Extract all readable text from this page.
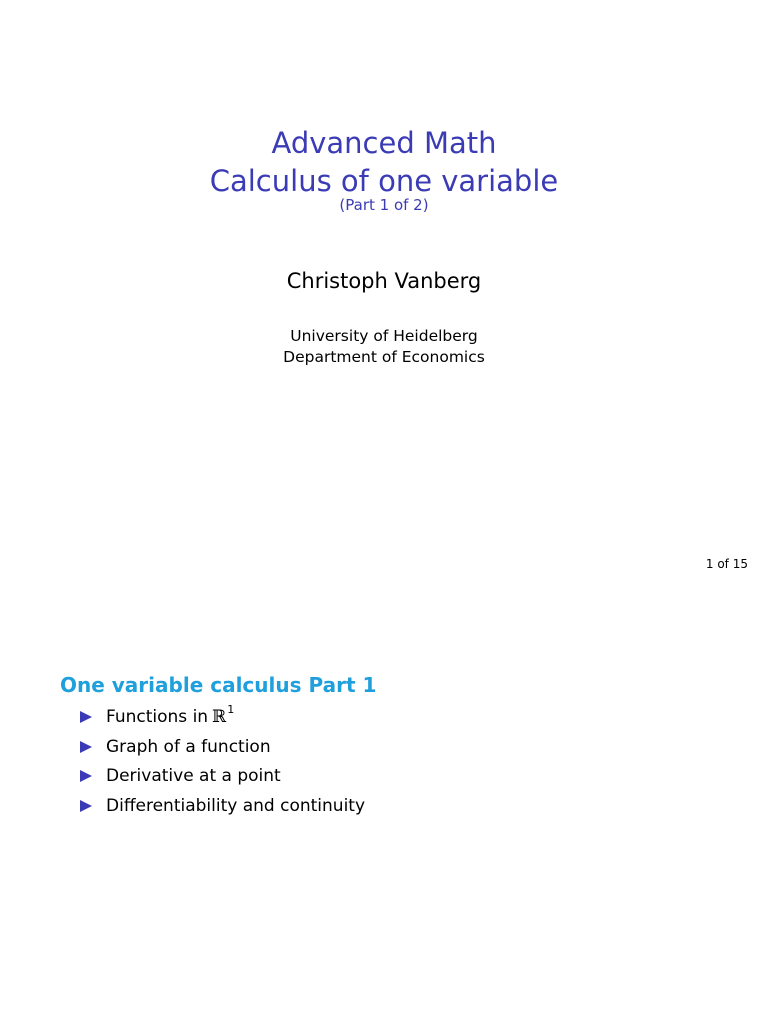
Advanced Math
Calculus of one variable
(Part 1 of 2)
Christoph Vanberg
University of Heidelberg
Department of Economics
1 of 15
One variable calculus Part 1
Functions in ℝ 1
Graph of a function
Derivative at a point
Differentiability and continuity
